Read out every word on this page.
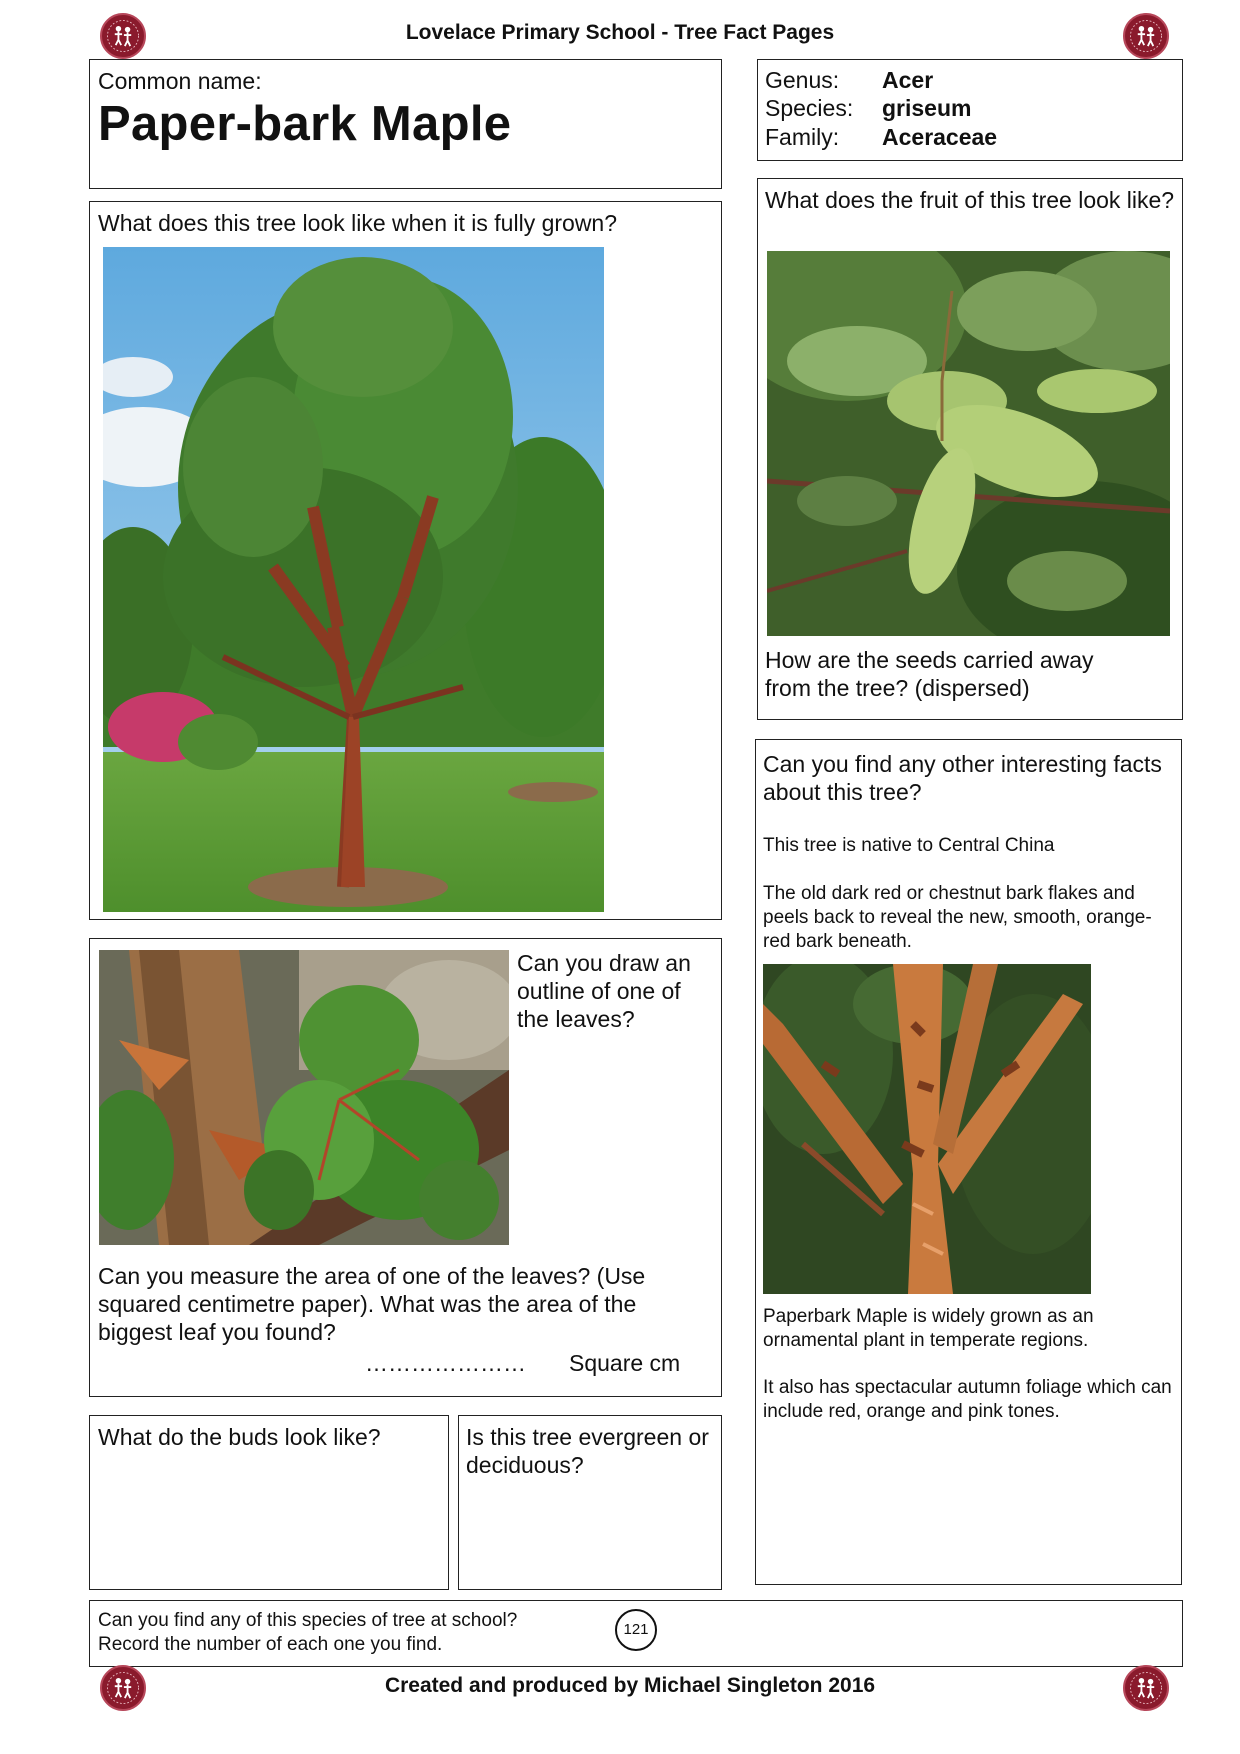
Lovelace Primary School - Tree Fact Pages
Common name:
Paper-bark Maple
Genus: Acer
Species: griseum
Family: Aceraceae
What does this tree look like when it is fully grown?
What does the fruit of this tree look like?
How are the seeds carried away from the tree? (dispersed)
Can you draw an outline of one of the leaves?
Can you measure the area of one of the leaves? (Use squared centimetre paper). What was the area of the biggest leaf you found?
………………… Square cm
Can you find any other interesting facts about this tree?
This tree is native to Central China
The old dark red or chestnut bark flakes and peels back to reveal the new, smooth, orange-red bark beneath.
Paperbark Maple is widely grown as an ornamental plant in temperate regions.
It also has spectacular autumn foliage which can include red, orange and pink tones.
What do the buds look like?	Is this tree evergreen or deciduous?
Can you find any of this species of tree at school?
Record the number of each one you find.
121
Created and produced by Michael Singleton 2016
